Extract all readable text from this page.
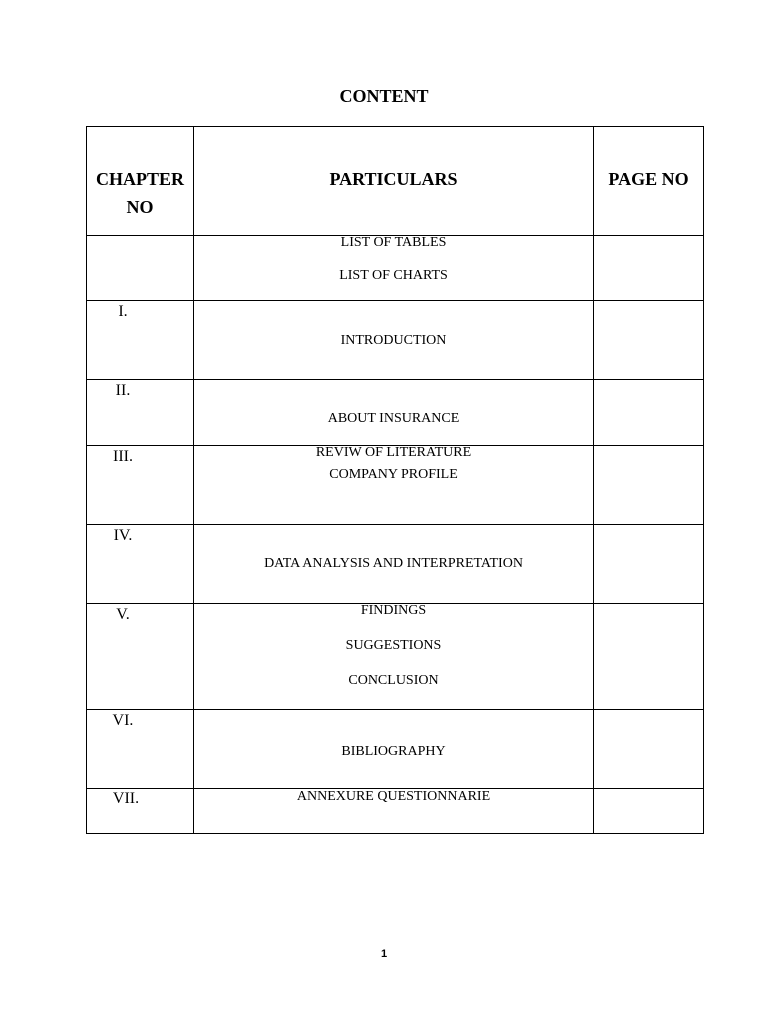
CONTENT
CHAPTER
NO	PARTICULARS	PAGE NO

	LIST OF TABLES
LIST OF CHARTS	

I.	INTRODUCTION	

II.	ABOUT INSURANCE	

III.	REVIW OF LITERATURE
COMPANY PROFILE	

IV.	DATA ANALYSIS AND INTERPRETATION	

V.	FINDINGS
SUGGESTIONS
CONCLUSION	

VI.	BIBLIOGRAPHY	

VII.	ANNEXURE QUESTIONNARIE	

1
